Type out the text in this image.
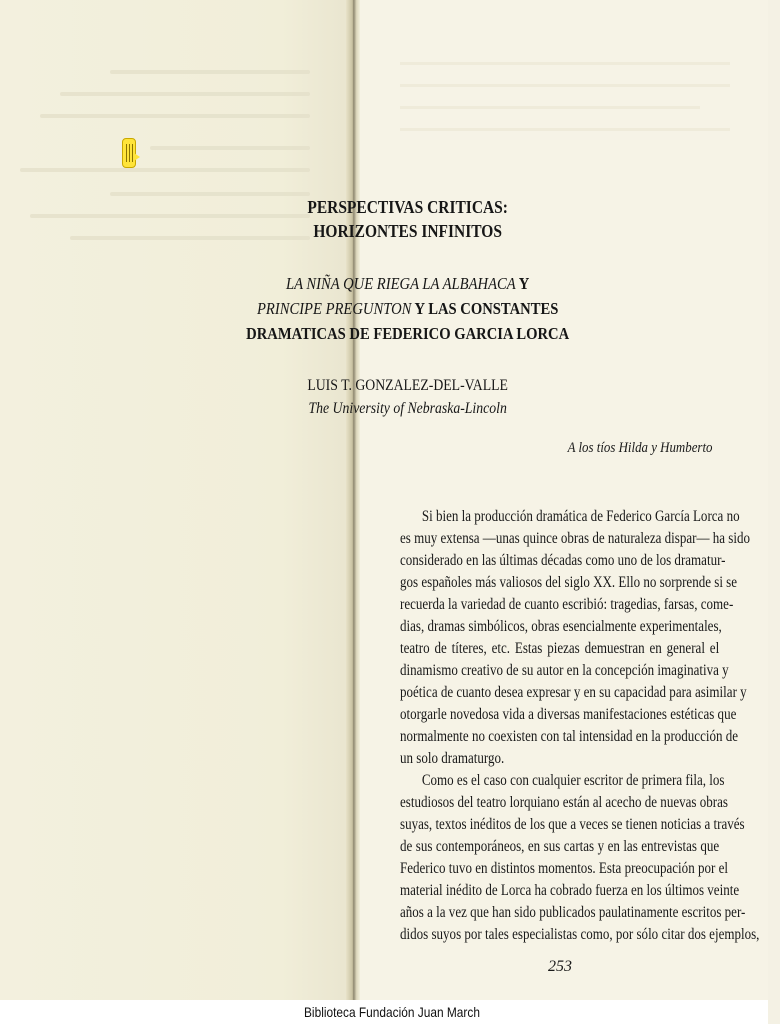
PERSPECTIVAS CRITICAS:
HORIZONTES INFINITOS
LA NIÑA QUE RIEGA LA ALBAHACA Y
PRINCIPE PREGUNTON Y LAS CONSTANTES
DRAMATICAS DE FEDERICO GARCIA LORCA
LUIS T. GONZALEZ-DEL-VALLE
The University of Nebraska-Lincoln
A los tíos Hilda y Humberto
Si bien la producción dramática de Federico García Lorca no
es muy extensa —unas quince obras de naturaleza dispar— ha sido
considerado en las últimas décadas como uno de los dramatur-
gos españoles más valiosos del siglo XX. Ello no sorprende si se
recuerda la variedad de cuanto escribió: tragedias, farsas, come-
dias, dramas simbólicos, obras esencialmente experimentales,
teatro de títeres, etc. Estas piezas demuestran en general el
dinamismo creativo de su autor en la concepción imaginativa y
poética de cuanto desea expresar y en su capacidad para asimilar y
otorgarle novedosa vida a diversas manifestaciones estéticas que
normalmente no coexisten con tal intensidad en la producción de
un solo dramaturgo.
Como es el caso con cualquier escritor de primera fila, los
estudiosos del teatro lorquiano están al acecho de nuevas obras
suyas, textos inéditos de los que a veces se tienen noticias a través
de sus contemporáneos, en sus cartas y en las entrevistas que
Federico tuvo en distintos momentos. Esta preocupación por el
material inédito de Lorca ha cobrado fuerza en los últimos veinte
años a la vez que han sido publicados paulatinamente escritos per-
didos suyos por tales especialistas como, por sólo citar dos ejemplos,
253
Biblioteca Fundación Juan March
